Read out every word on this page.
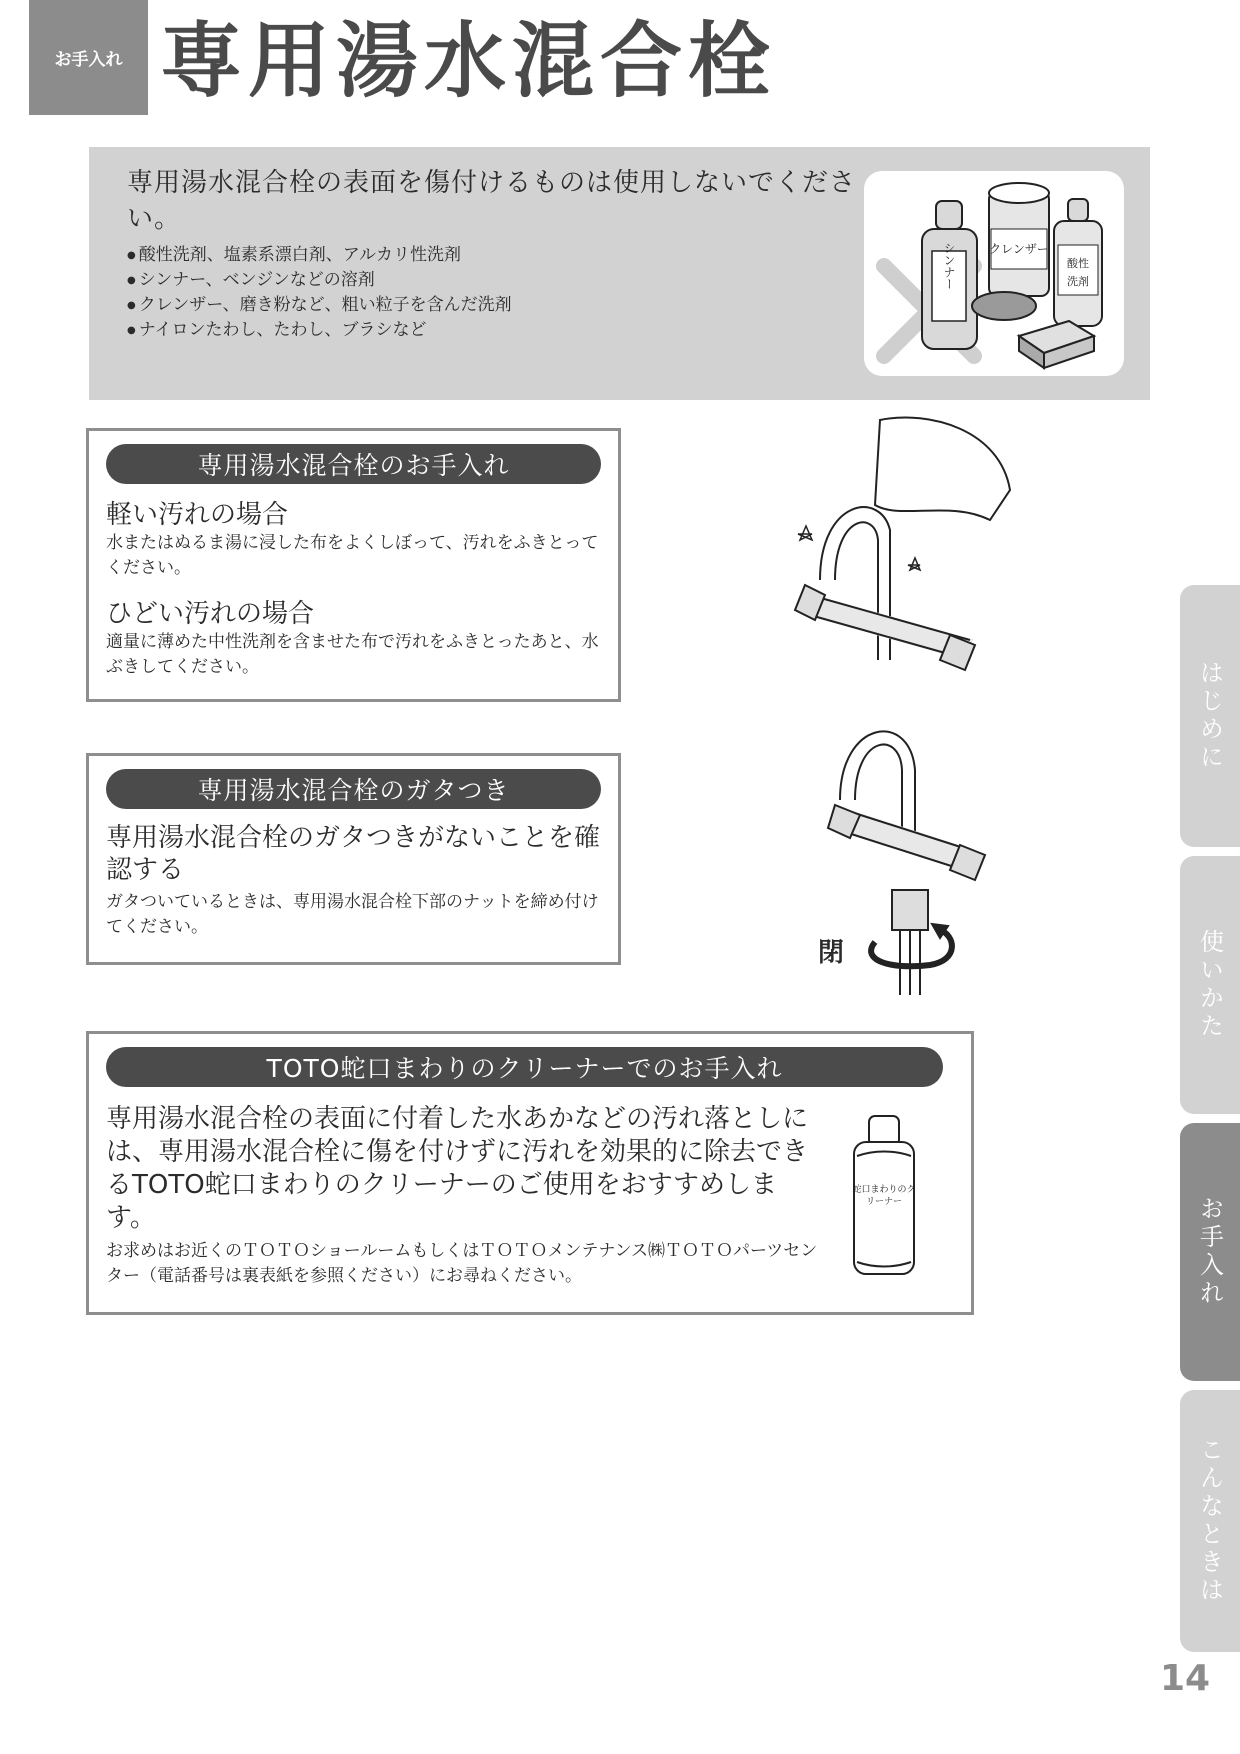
お手入れ 専用湯水混合栓
専用湯水混合栓の表面を傷付けるものは使用しないでください。
● 酸性洗剤、塩素系漂白剤、アルカリ性洗剤
● シンナー、ベンジンなどの溶剤
● クレンザー、磨き粉など、粗い粒子を含んだ洗剤
● ナイロンたわし、たわし、ブラシなど
シンナー	クレンザー
酸性
洗剤
専用湯水混合栓のお手入れ
軽い汚れの場合
水またはぬるま湯に浸した布をよくしぼって、汚れをふきとってください。
ひどい汚れの場合
適量に薄めた中性洗剤を含ませた布で汚れをふきとったあと、水ぶきしてください。
専用湯水混合栓のガタつき
専用湯水混合栓のガタつきがないことを確認する
ガタついているときは、専用湯水混合栓下部のナットを締め付けてください。
閉
TOTO蛇口まわりのクリーナーでのお手入れ
専用湯水混合栓の表面に付着した水あかなどの汚れ落としには、専用湯水混合栓に傷を付けずに汚れを効果的に除去できるTOTO蛇口まわりのクリーナーのご使用をおすすめします。
お求めはお近くのＴＯＴＯショールームもしくはＴＯＴＯメンテナンス㈱ＴＯＴＯパーツセンター（電話番号は裏表紙を参照ください）にお尋ねください。
蛇口まわりのクリーナー
はじめに
使いかた
お手入れ
こんなときは
14
